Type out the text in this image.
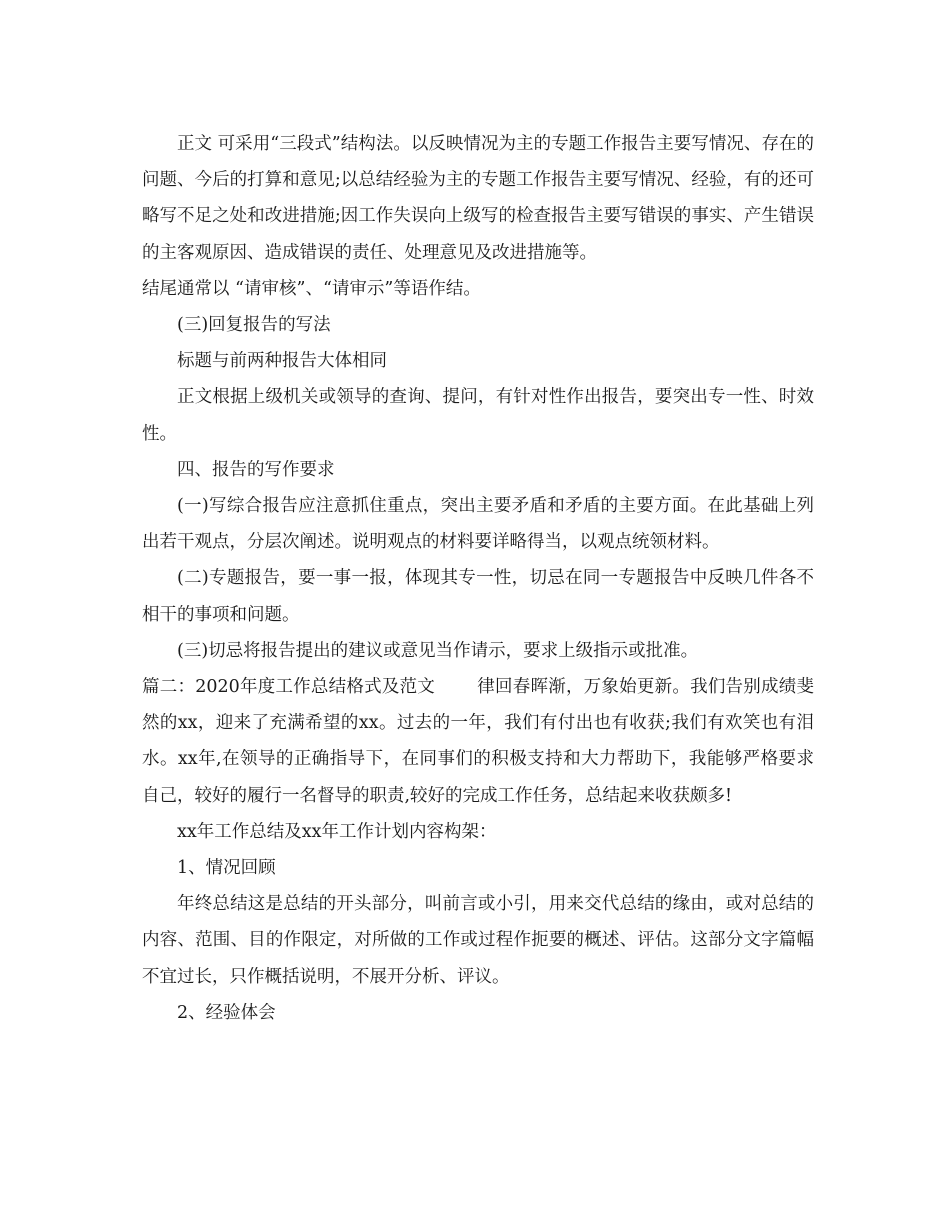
正文 可采用“三段式”结构法。以反映情况为主的专题工作报告主要写情况、存在的问题、今后的打算和意见;以总结经验为主的专题工作报告主要写情况、经验，有的还可略写不足之处和改进措施;因工作失误向上级写的检查报告主要写错误的事实、产生错误的主客观原因、造成错误的责任、处理意见及改进措施等。

结尾通常以 “请审核”、“请审示”等语作结。

(三)回复报告的写法

标题与前两种报告大体相同

正文根据上级机关或领导的查询、提问，有针对性作出报告，要突出专一性、时效性。

四、报告的写作要求

(一)写综合报告应注意抓住重点，突出主要矛盾和矛盾的主要方面。在此基础上列出若干观点，分层次阐述。说明观点的材料要详略得当，以观点统领材料。

(二)专题报告，要一事一报，体现其专一性，切忌在同一专题报告中反映几件各不相干的事项和问题。

(三)切忌将报告提出的建议或意见当作请示，要求上级指示或批准。

篇二：2020年度工作总结格式及范文 律回春晖渐，万象始更新。我们告别成绩斐然的xx，迎来了充满希望的xx。过去的一年，我们有付出也有收获;我们有欢笑也有泪水。xx年,在领导的正确指导下，在同事们的积极支持和大力帮助下，我能够严格要求自己，较好的履行一名督导的职责,较好的完成工作任务，总结起来收获颇多!

xx年工作总结及xx年工作计划内容构架：

1、情况回顾

年终总结这是总结的开头部分，叫前言或小引，用来交代总结的缘由，或对总结的内容、范围、目的作限定，对所做的工作或过程作扼要的概述、评估。这部分文字篇幅不宜过长，只作概括说明，不展开分析、评议。

2、经验体会
